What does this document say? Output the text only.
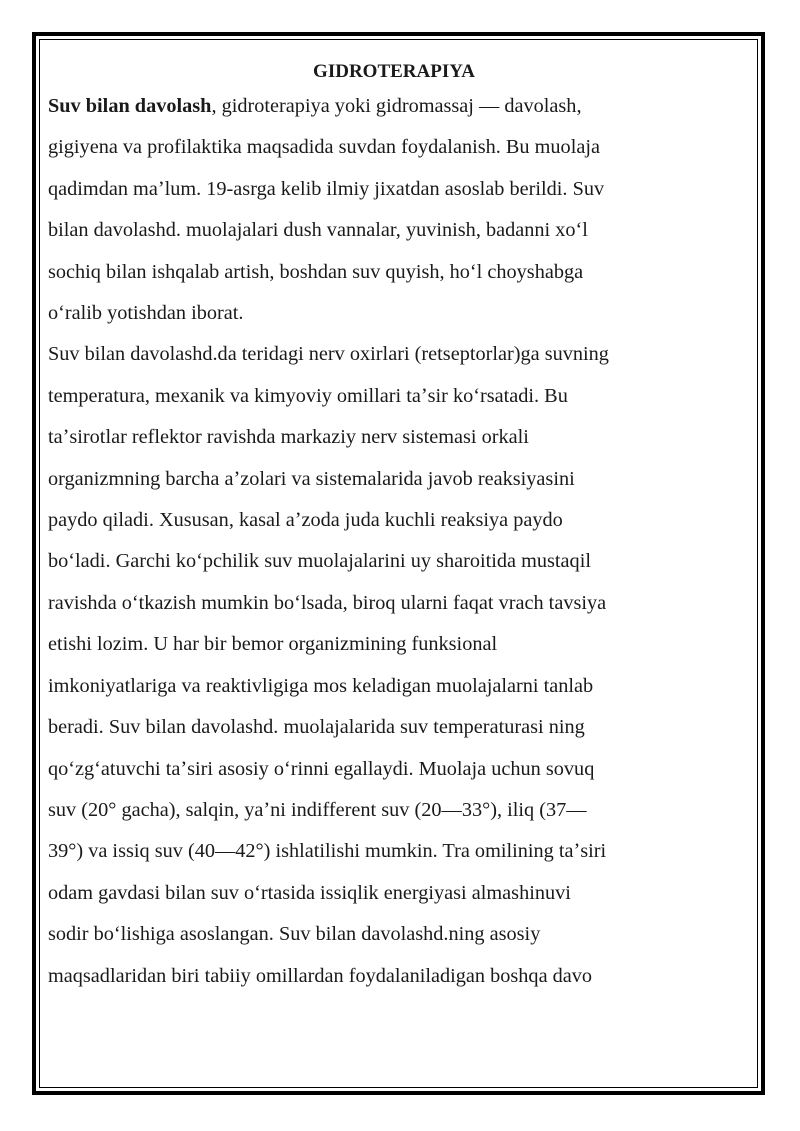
GIDROTERAPIYA
Suv bilan davolash, gidroterapiya yoki gidromassaj — davolash,
gigiyena va profilaktika maqsadida suvdan foydalanish. Bu muolaja
qadimdan maʼlum. 19-asrga kelib ilmiy jixatdan asoslab berildi. Suv
bilan davolashd. muolajalari dush vannalar, yuvinish, badanni xoʻl
sochiq bilan ishqalab artish, boshdan suv quyish, hoʻl choyshabga
oʻralib yotishdan iborat.
Suv bilan davolashd.da teridagi nerv oxirlari (retseptorlar)ga suvning
temperatura, mexanik va kimyoviy omillari taʼsir koʻrsatadi. Bu
taʼsirotlar reflektor ravishda markaziy nerv sistemasi orkali
organizmning barcha aʼzolari va sistemalarida javob reaksiyasini
paydo qiladi. Xususan, kasal aʼzoda juda kuchli reaksiya paydo
boʻladi. Garchi koʻpchilik suv muolajalarini uy sharoitida mustaqil
ravishda oʻtkazish mumkin boʻlsada, biroq ularni faqat vrach tavsiya
etishi lozim. U har bir bemor organizmining funksional
imkoniyatlariga va reaktivligiga mos keladigan muolajalarni tanlab
beradi. Suv bilan davolashd. muolajalarida suv temperaturasi ning
qoʻzgʻatuvchi taʼsiri asosiy oʻrinni egallaydi. Muolaja uchun sovuq
suv (20° gacha), salqin, yaʼni indifferent suv (20—33°), iliq (37—
39°) va issiq suv (40—42°) ishlatilishi mumkin. Tra omilining taʼsiri
odam gavdasi bilan suv oʻrtasida issiqlik energiyasi almashinuvi
sodir boʻlishiga asoslangan. Suv bilan davolashd.ning asosiy
maqsadlaridan biri tabiiy omillardan foydalaniladigan boshqa davo
